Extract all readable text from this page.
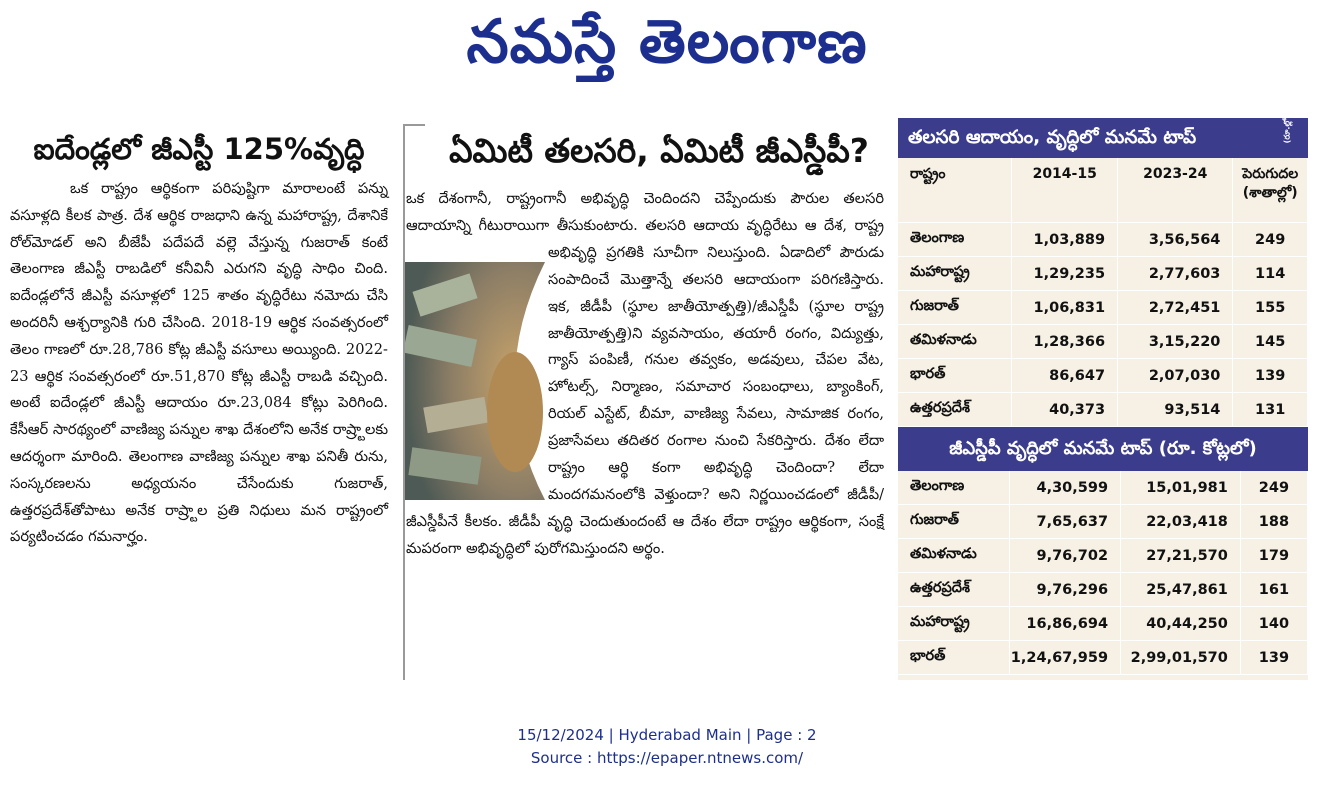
నమస్తే తెలంగాణ
ఐదేండ్లలో జీఎస్టీ 125%వృద్ధి
ఒక రాష్ట్రం ఆర్థికంగా పరిపుష్టిగా మారాలంటే పన్ను వసూళ్లది కీలక పాత్ర. దేశ ఆర్థిక రాజధాని ఉన్న మహారాష్ట్ర, దేశానికే రోల్‌మోడల్ అని బీజేపీ పదేపదే వల్లె వేస్తున్న గుజరాత్ కంటే తెలంగాణ జీఎస్టీ రాబడిలో కనీవినీ ఎరుగని వృద్ధి సాధిం చింది. ఐదేండ్లలోనే జీఎస్టీ వసూళ్లలో 125 శాతం వృద్ధిరేటు నమోదు చేసి అందరినీ ఆశ్చర్యానికి గురి చేసింది. 2018-19 ఆర్థిక సంవత్సరంలో తెలం గాణలో రూ.28,786 కోట్ల జీఎస్టీ వసూలు అయ్యింది. 2022-23 ఆర్థిక సంవత్సరంలో రూ.51,870 కోట్ల జీఎస్టీ రాబడి వచ్చింది. అంటే ఐదేండ్లలో జీఎస్టీ ఆదాయం రూ.23,084 కోట్లు పెరిగింది. కేసీఆర్ సారథ్యంలో వాణిజ్య పన్నుల శాఖ దేశంలోని అనేక రాష్ర్టాలకు ఆదర్శంగా మారింది. తెలంగాణ వాణిజ్య పన్నుల శాఖ పనితీ రును, సంస్కరణలను అధ్యయనం చేసేందుకు గుజరాత్, ఉత్తరప్రదేశ్‌తోపాటు అనేక రాష్ర్టాల ప్రతి నిధులు మన రాష్ట్రంలో పర్యటించడం గమనార్హం.
ఏమిటీ తలసరి, ఏమిటీ జీఎస్డీపీ?
ఒక దేశంగానీ, రాష్ట్రంగానీ అభివృద్ధి చెందిందని చెప్పేందుకు పౌరుల తలసరి ఆదాయాన్ని గీటురాయిగా తీసుకుంటారు. తలసరి ఆదాయ వృద్ధిరేటు ఆ దేశ, రాష్ట్ర అభివృద్ధి ప్రగతికి సూచీగా నిలుస్తుంది. ఏడాదిలో పౌరుడు సంపాదించే మొత్తాన్నే తలసరి ఆదాయంగా పరిగణిస్తారు. ఇక, జీడీపీ (స్థూల జాతీయోత్పత్తి)/జీఎస్డీపీ (స్థూల రాష్ట్ర జాతీయోత్పత్తి)ని వ్యవసాయం, తయారీ రంగం, విద్యుత్తు, గ్యాస్ పంపిణీ, గనుల తవ్వకం, అడవులు, చేపల వేట, హోటల్స్, నిర్మాణం, సమాచార సంబంధాలు, బ్యాంకింగ్, రియల్ ఎస్టేట్, బీమా, వాణిజ్య సేవలు, సామాజిక రంగం, ప్రజాసేవలు తదితర రంగాల నుంచి సేకరిస్తారు. దేశం లేదా రాష్ట్రం ఆర్థి కంగా అభివృద్ధి చెందిందా? లేదా మందగమనంలోకి వెళ్తుందా? అని నిర్ణయించడంలో జీడీపీ/జీఎస్డీపీనే కీలకం. జీడీపీ వృద్ధి చెందుతుందంటే ఆ దేశం లేదా రాష్ట్రం ఆర్థికంగా, సంక్షే మపరంగా అభివృద్ధిలో పురోగమిస్తుందని అర్థం.
తలసరి ఆదాయం, వృద్ధిలో మనమే టాప్	(రూ.ల్లో)
రాష్ట్రం	2014-15	2023-24	పెరుగుదల (శాతాల్లో)
తెలంగాణ	1,03,889	3,56,564	249
మహారాష్ట్ర	1,29,235	2,77,603	114
గుజరాత్	1,06,831	2,72,451	155
తమిళనాడు	1,28,366	3,15,220	145
భారత్	86,647	2,07,030	139
ఉత్తరప్రదేశ్	40,373	93,514	131
జీఎస్డీపీ వృద్ధిలో మనమే టాప్ (రూ. కోట్లలో)
తెలంగాణ	4,30,599	15,01,981	249
గుజరాత్	7,65,637	22,03,418	188
తమిళనాడు	9,76,702	27,21,570	179
ఉత్తరప్రదేశ్	9,76,296	25,47,861	161
మహారాష్ట్ర	16,86,694	40,44,250	140
భారత్	1,24,67,959	2,99,01,570	139
15/12/2024 | Hyderabad Main | Page : 2
Source : https://epaper.ntnews.com/
